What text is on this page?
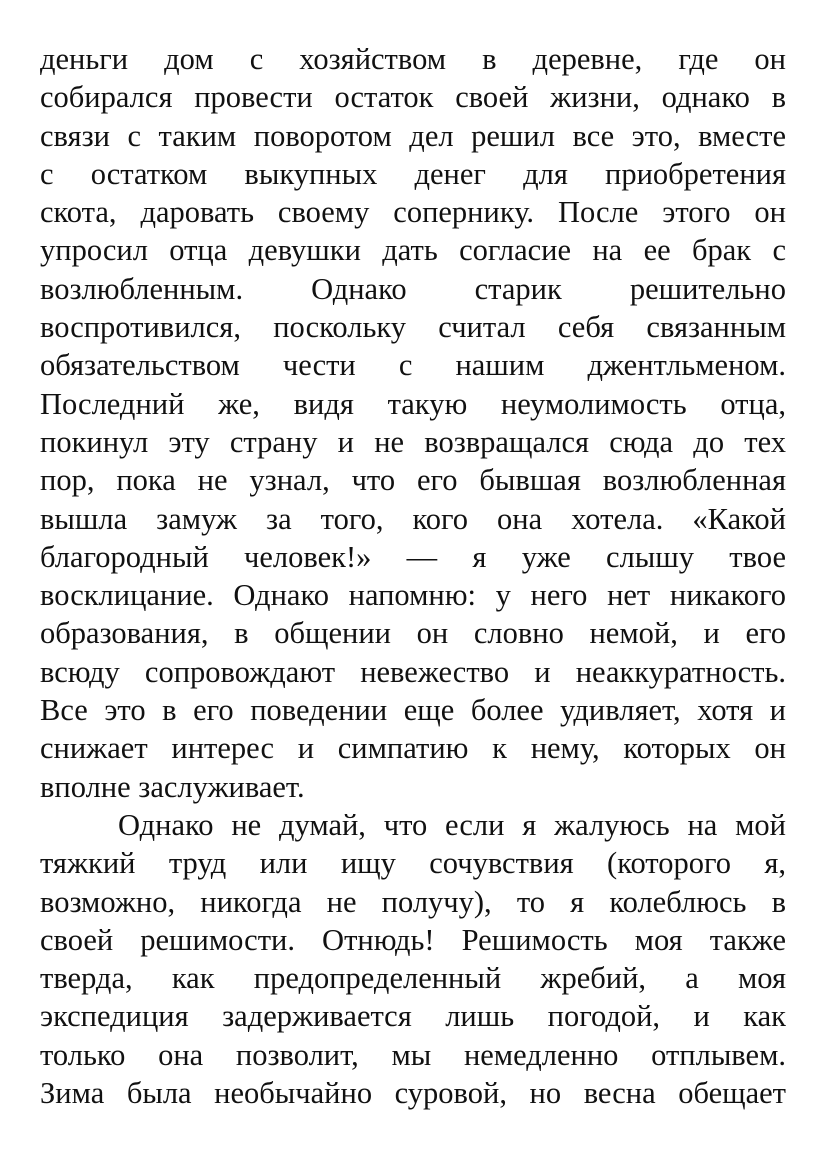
деньги дом с хозяйством в деревне, где он
собирался провести остаток своей жизни, однако в
связи с таким поворотом дел решил все это, вместе
с остатком выкупных денег для приобретения
скота, даровать своему сопернику. После этого он
упросил отца девушки дать согласие на ее брак с
возлюбленным. Однако старик решительно
воспротивился, поскольку считал себя связанным
обязательством чести с нашим джентльменом.
Последний же, видя такую неумолимость отца,
покинул эту страну и не возвращался сюда до тех
пор, пока не узнал, что его бывшая возлюбленная
вышла замуж за того, кого она хотела. «Какой
благородный человек!» — я уже слышу твое
восклицание. Однако напомню: у него нет никакого
образования, в общении он словно немой, и его
всюду сопровождают невежество и неаккуратность.
Все это в его поведении еще более удивляет, хотя и
снижает интерес и симпатию к нему, которых он
вполне заслуживает.
Однако не думай, что если я жалуюсь на мой
тяжкий труд или ищу сочувствия (которого я,
возможно, никогда не получу), то я колеблюсь в
своей решимости. Отнюдь! Решимость моя также
тверда, как предопределенный жребий, а моя
экспедиция задерживается лишь погодой, и как
только она позволит, мы немедленно отплывем.
Зима была необычайно суровой, но весна обещает
